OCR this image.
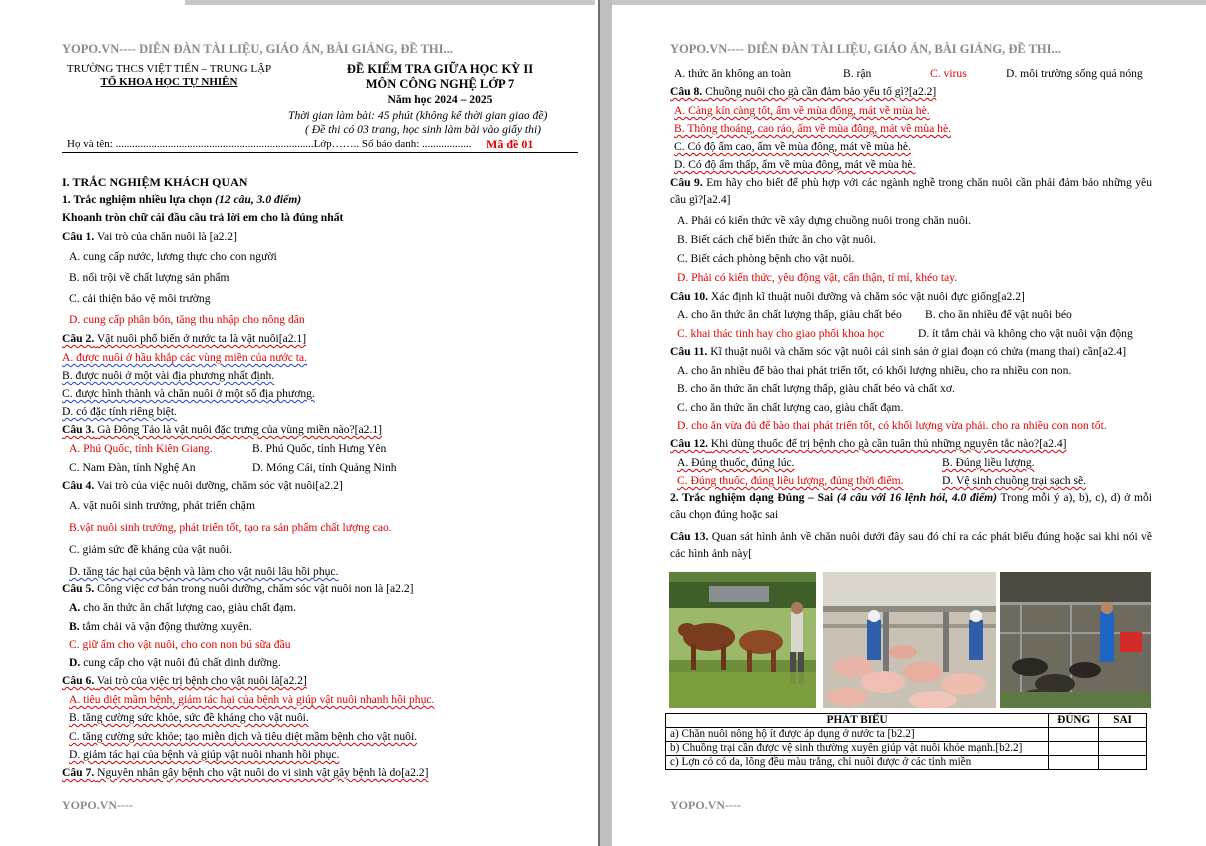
YOPO.VN---- DIỄN ĐÀN TÀI LIỆU, GIÁO ÁN, BÀI GIẢNG, ĐỀ THI...
TRƯỜNG THCS VIỆT TIẾN – TRUNG LẬP
TỔ KHOA HỌC TỰ NHIÊN
ĐỀ KIỂM TRA GIỮA HỌC KỲ II
MÔN CÔNG NGHỆ LỚP 7
Năm học 2024 – 2025
Thời gian làm bài: 45 phút (không kể thời gian giao đề)
( Đề thi có 03 trang, học sinh làm bài vào giấy thi)
Họ và tên: ........................................................................Lớp…….. Số báo danh: .................. Mã đề 01
I. TRẮC NGHIỆM KHÁCH QUAN
1. Trắc nghiệm nhiều lựa chọn (12 câu, 3.0 điểm)
Khoanh tròn chữ cái đầu câu trả lời em cho là đúng nhất
Câu 1. Vai trò của chăn nuôi là [a2.2]
A. cung cấp nước, lương thực cho con người
B. nổi trội về chất lượng sản phẩm
C. cải thiện bảo vệ môi trường
D. cung cấp phân bón, tăng thu nhập cho nông dân
Câu 2. Vật nuôi phổ biến ở nước ta là vật nuôi[a2.1]
A. được nuôi ở hầu khắp các vùng miền của nước ta.
B. được nuôi ở một vài địa phương nhất định.
C. được hình thành và chăn nuôi ở một số địa phương.
D. có đặc tính riêng biệt.
Câu 3. Gà Đông Tảo là vật nuôi đặc trưng của vùng miền nào?[a2.1]
A. Phú Quốc, tỉnh Kiên Giang.	B. Phú Quốc, tỉnh Hưng Yên
C. Nam Đàn, tỉnh Nghệ An	D. Móng Cái, tỉnh Quảng Ninh
Câu 4. Vai trò của việc nuôi dưỡng, chăm sóc vật nuôi[a2.2]
A. vật nuôi sinh trưởng, phát triển chậm
B.vật nuôi sinh trưởng, phát triển tốt, tạo ra sản phẩm chất lượng cao.
C. giảm sức đề kháng của vật nuôi.
D. tăng tác hại của bệnh và làm cho vật nuôi lâu hồi phục.
Câu 5. Công việc cơ bản trong nuôi dưỡng, chăm sóc vật nuôi non là [a2.2]
A. cho ăn thức ăn chất lượng cao, giàu chất đạm.
B. tắm chải và vận động thường xuyên.
C. giữ ấm cho vật nuôi, cho con non bú sữa đầu
D. cung cấp cho vật nuôi đủ chất dinh dưỡng.
Câu 6. Vai trò của việc trị bệnh cho vật nuôi là[a2.2]
A. tiêu diệt mầm bệnh, giảm tác hại của bệnh và giúp vật nuôi nhanh hồi phục.
B. tăng cường sức khỏe, sức đề kháng cho vật nuôi.
C. tăng cường sức khỏe; tạo miễn dịch và tiêu diệt mầm bệnh cho vật nuôi.
D. giảm tác hại của bệnh và giúp vật nuôi nhanh hồi phục.
Câu 7. Nguyên nhân gây bệnh cho vật nuôi do vi sinh vật gây bệnh là do[a2.2]
YOPO.VN----
YOPO.VN---- DIỄN ĐÀN TÀI LIỆU, GIÁO ÁN, BÀI GIẢNG, ĐỀ THI...
A. thức ăn không an toàn	B. rận	C. virus	D. môi trường sống quá nóng
Câu 8. Chuồng nuôi cho gà cần đảm bảo yếu tố gì?[a2.2]
A. Càng kín càng tốt, ấm về mùa đông, mát về mùa hè.
B. Thông thoáng, cao ráo, ấm về mùa đông, mát về mùa hè.
C. Có độ ẩm cao, ấm về mùa đông, mát về mùa hè.
D. Có độ ẩm thấp, ấm về mùa đông, mát về mùa hè.
Câu 9. Em hãy cho biết để phù hợp với các ngành nghề trong chăn nuôi cần phải đảm bảo những yêu cầu gì?[a2.4]
A. Phải có kiến thức về xây dựng chuồng nuôi trong chăn nuôi.
B. Biết cách chế biến thức ăn cho vật nuôi.
C. Biết cách phòng bệnh cho vật nuôi.
D. Phải có kiến thức, yêu động vật, cẩn thận, tỉ mỉ, khéo tay.
Câu 10. Xác định kĩ thuật nuôi dưỡng và chăm sóc vật nuôi đực giống[a2.2]
A. cho ăn thức ăn chất lượng thấp, giàu chất béo B. cho ăn nhiều để vật nuôi béo
C. khai thác tinh hay cho giao phối khoa học	D. ít tắm chải và không cho vật nuôi vận động
Câu 11. Kĩ thuật nuôi và chăm sóc vật nuôi cái sinh sản ở giai đoạn có chửa (mang thai) cần[a2.4]
A. cho ăn nhiều để bào thai phát triển tốt, có khối lượng nhiều, cho ra nhiều con non.
B. cho ăn thức ăn chất lượng thấp, giàu chất béo và chất xơ.
C. cho ăn thức ăn chất lượng cao, giàu chất đạm.
D. cho ăn vừa đủ để bào thai phát triển tốt, có khối lượng vừa phải. cho ra nhiều con non tốt.
Câu 12. Khi dùng thuốc để trị bệnh cho gà cần tuân thủ những nguyên tắc nào?[a2.4]
A. Đúng thuốc, đúng lúc.	B. Đúng liều lượng.
C. Đúng thuốc, đúng liều lượng, đúng thời điểm.	D. Vệ sinh chuồng trại sạch sẽ.
2. Trắc nghiệm dạng Đúng – Sai (4 câu với 16 lệnh hỏi, 4.0 điểm) Trong mỗi ý a), b), c), d) ở mỗi câu chọn đúng hoặc sai
Câu 13. Quan sát hình ảnh về chăn nuôi dưới đây sau đó chỉ ra các phát biểu đúng hoặc sai khi nói về các hình ảnh này[
PHÁT BIỂU	ĐÚNG	SAI
a) Chăn nuôi nông hộ ít được áp dụng ở nước ta [b2.2]		
b) Chuồng trại cần được vệ sinh thường xuyên giúp vật nuôi khỏe mạnh.[b2.2]		
c) Lợn có có da, lông đều màu trắng, chỉ nuôi được ở các tỉnh miền		
YOPO.VN----
